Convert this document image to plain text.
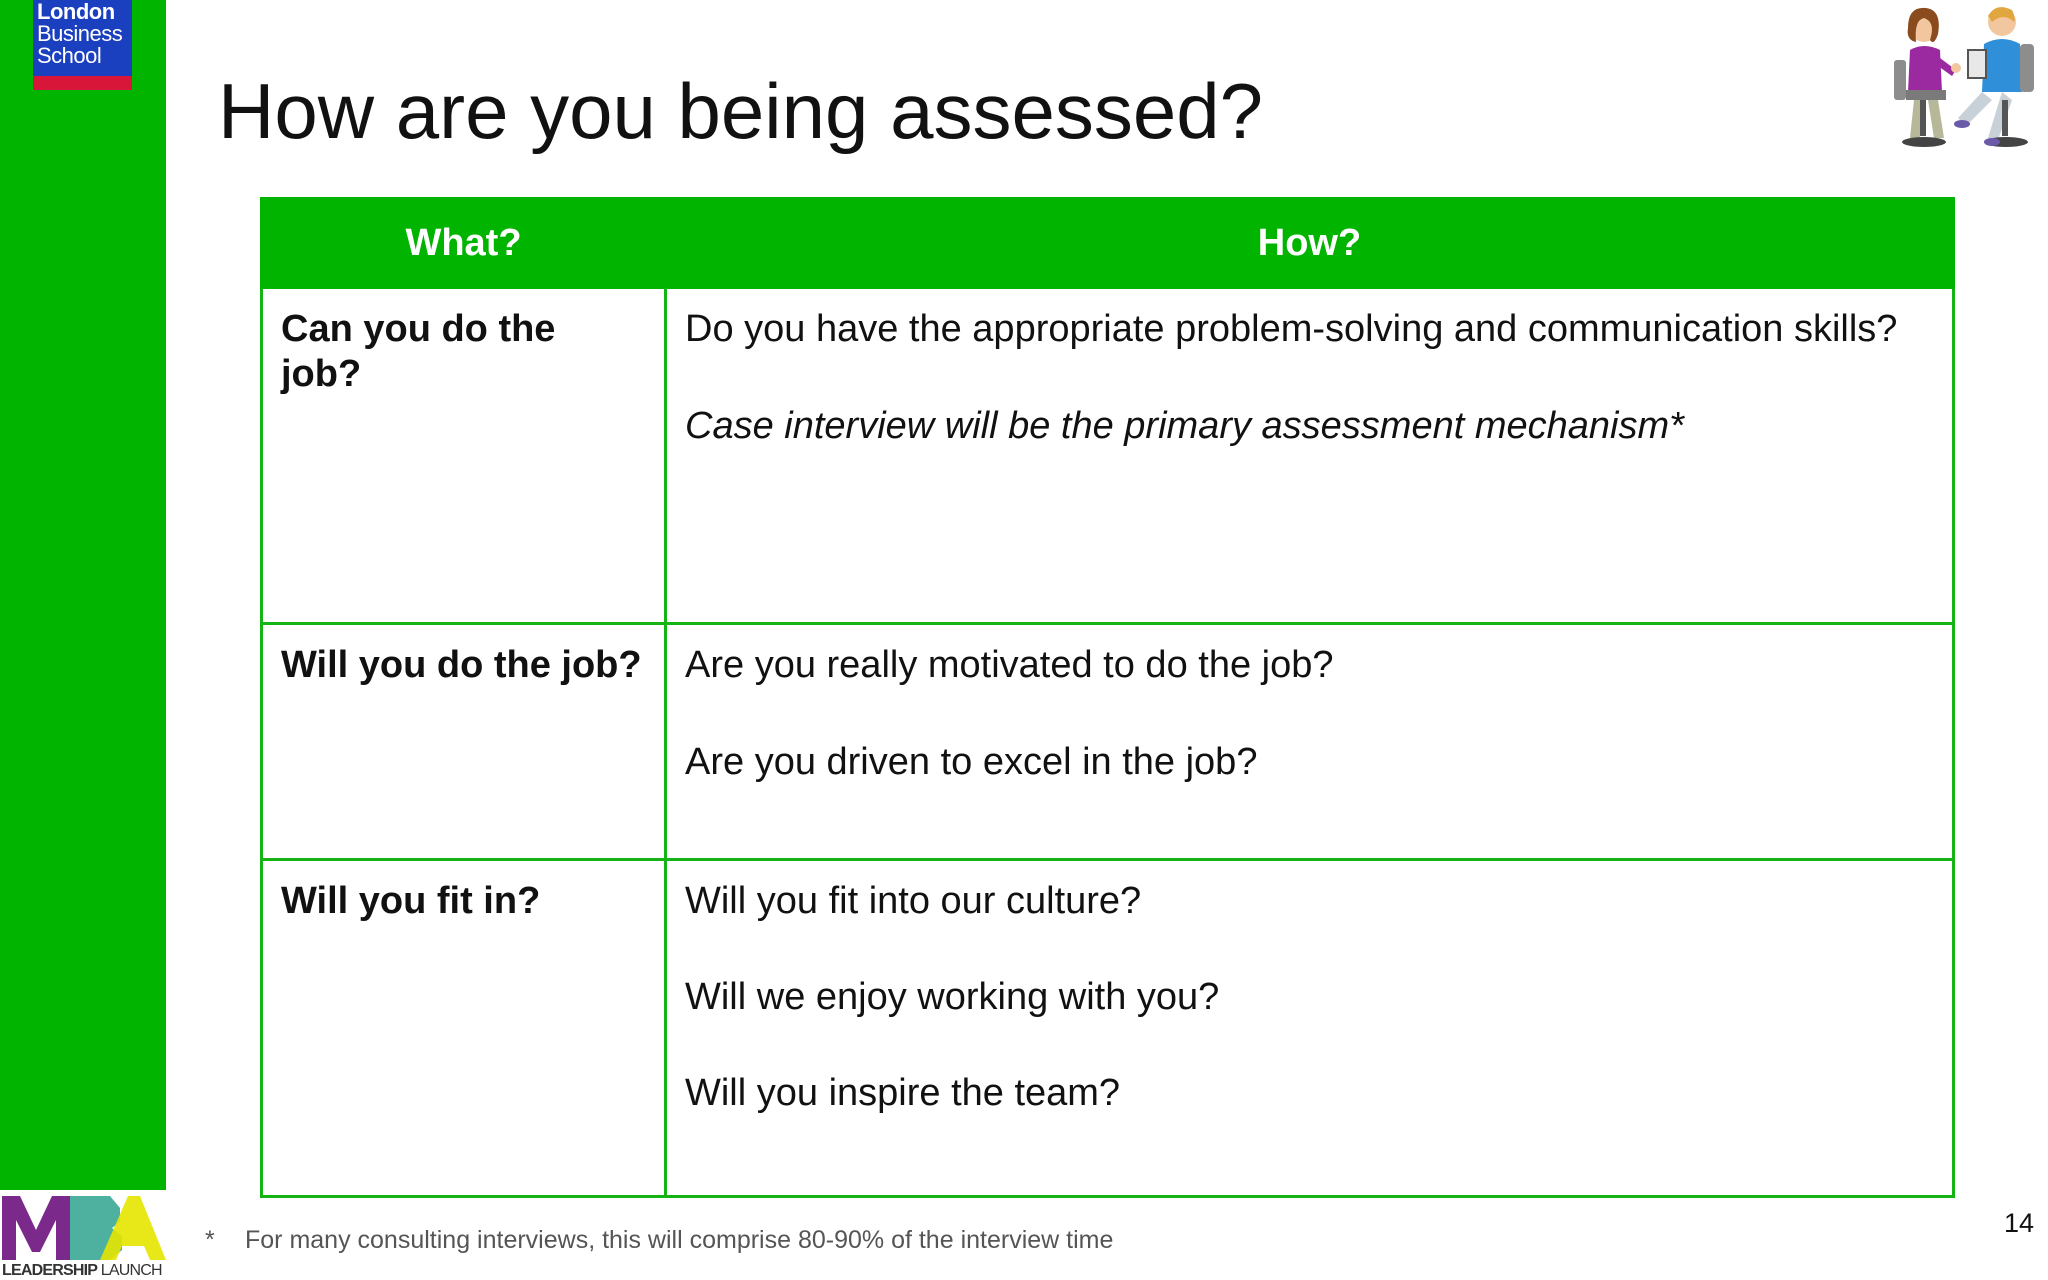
London
Business
School
LEADERSHIP LAUNCH
How are you being assessed?
What?	How?

Can you do the job?	Do you have the appropriate problem-solving and communication skills?

Case interview will be the primary assessment mechanism*

Will you do the job?	Are you really motivated to do the job?

Are you driven to excel in the job?

Will you fit in?	Will you fit into our culture?

Will we enjoy working with you?

Will you inspire the team?

* For many consulting interviews, this will comprise 80-90% of the interview time
14
